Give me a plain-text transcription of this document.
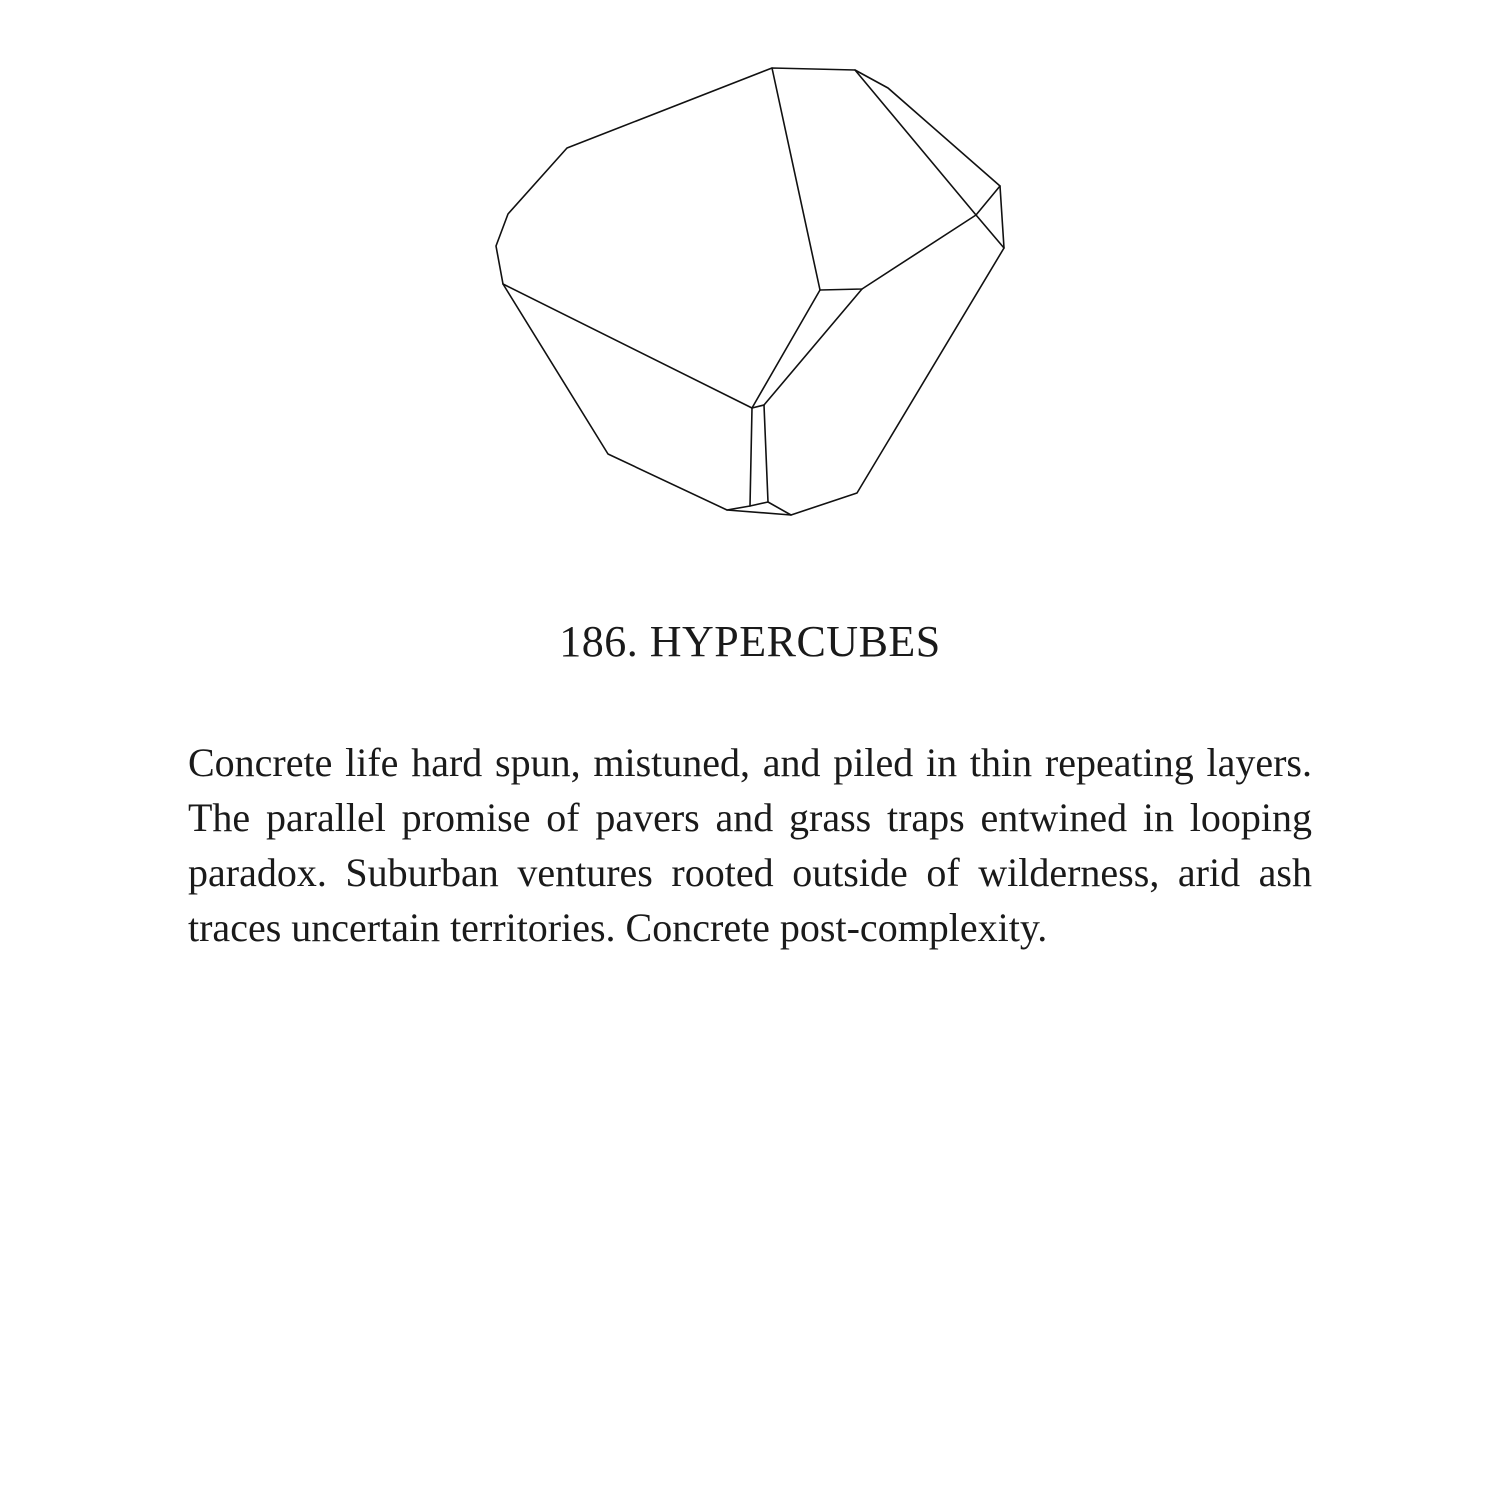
186. HYPERCUBES

Concrete life hard spun, mistuned, and piled in thin repeating layers. The parallel promise of pavers and grass traps entwined in looping paradox. Suburban ventures rooted outside of wilderness, arid ash traces uncertain territories. Concrete post-complexity.
